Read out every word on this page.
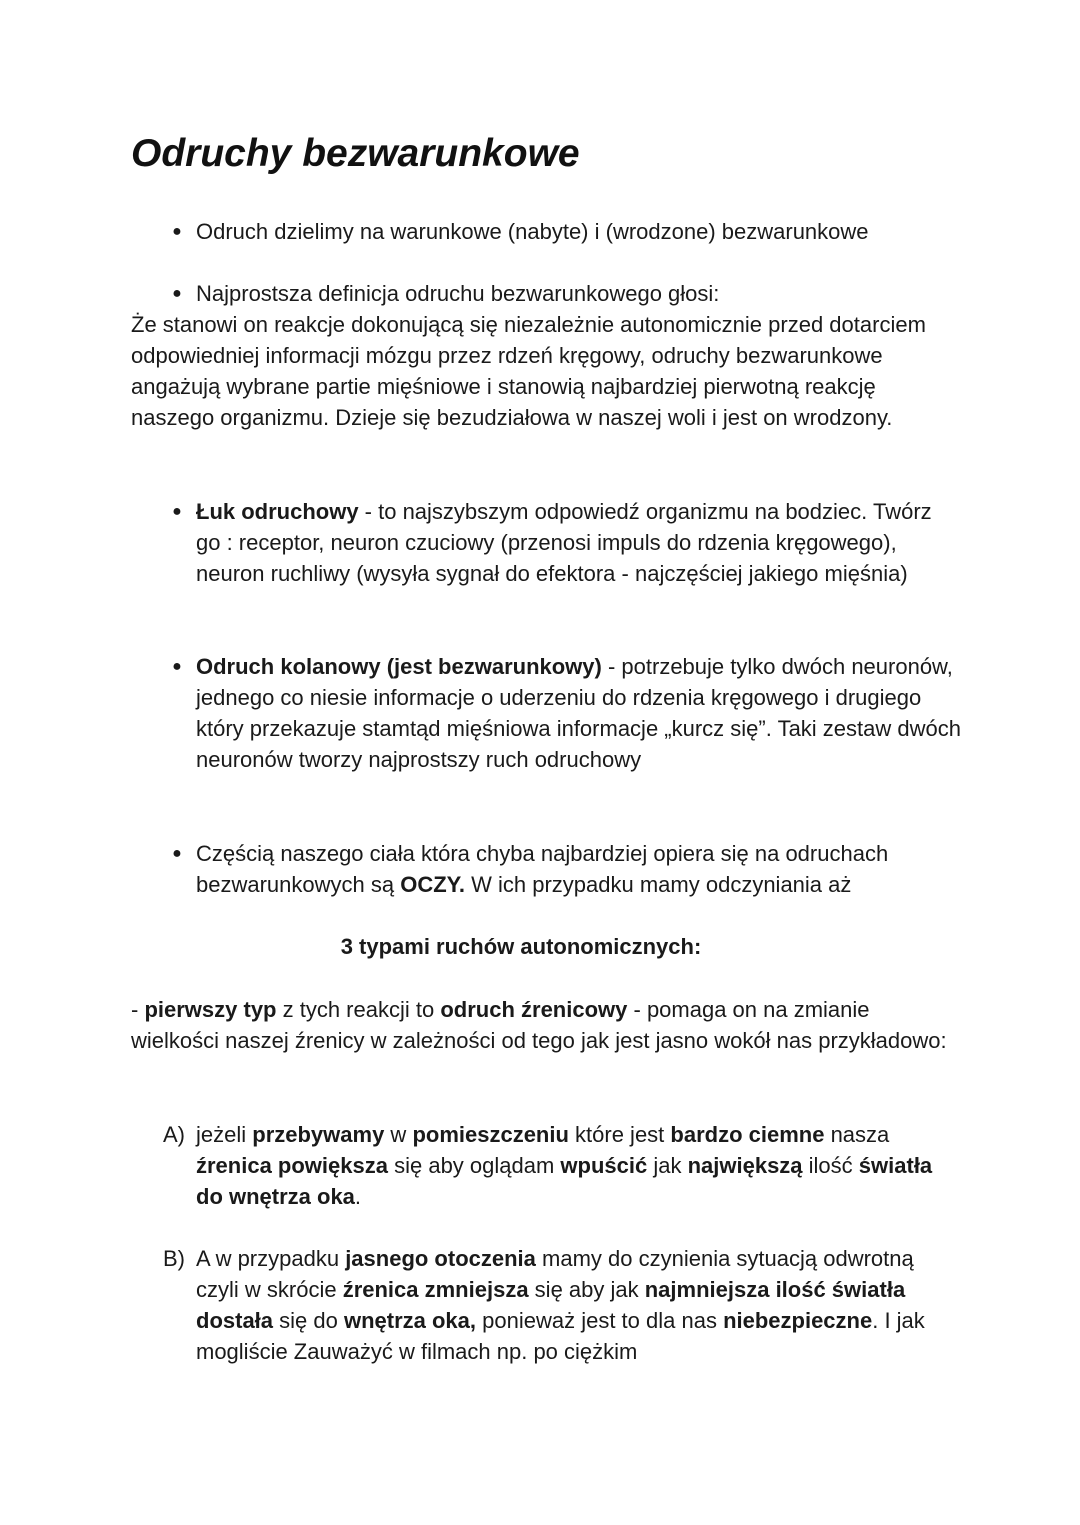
Odruchy bezwarunkowe
● Odruch dzielimy na warunkowe (nabyte) i (wrodzone) bezwarunkowe
● Najprostsza definicja odruchu bezwarunkowego głosi:

Że stanowi on reakcje dokonującą się niezależnie autonomicznie przed dotarciem odpowiedniej informacji mózgu przez rdzeń kręgowy, odruchy bezwarunkowe angażują wybrane partie mięśniowe i stanowią najbardziej pierwotną reakcję naszego organizmu. Dzieje się bezudziałowa w naszej woli i jest on wrodzony.

● Łuk odruchowy - to najszybszym odpowiedź organizmu na bodziec. Twórz go : receptor, neuron czuciowy (przenosi impuls do rdzenia kręgowego), neuron ruchliwy (wysyła sygnał do efektora - najczęściej jakiego mięśnia)
● Odruch kolanowy (jest bezwarunkowy) - potrzebuje tylko dwóch neuronów, jednego co niesie informacje o uderzeniu do rdzenia kręgowego i drugiego który przekazuje stamtąd mięśniowa informacje „kurcz się”. Taki zestaw dwóch neuronów tworzy najprostszy ruch odruchowy
● Częścią naszego ciała która chyba najbardziej opiera się na odruchach bezwarunkowych są OCZY. W ich przypadku mamy odczyniania aż

3 typami ruchów autonomicznych:

- pierwszy typ z tych reakcji to odruch źrenicowy - pomaga on na zmianie wielkości naszej źrenicy w zależności od tego jak jest jasno wokół nas przykładowo:

A) jeżeli przebywamy w pomieszczeniu które jest bardzo ciemne nasza źrenica powiększa się aby oglądam wpuścić jak największą ilość światła do wnętrza oka.
B) A w przypadku jasnego otoczenia mamy do czynienia sytuacją odwrotną czyli w skrócie źrenica zmniejsza się aby jak najmniejsza ilość światła dostała się do wnętrza oka, ponieważ jest to dla nas niebezpieczne. I jak mogliście Zauważyć w filmach np. po ciężkim
